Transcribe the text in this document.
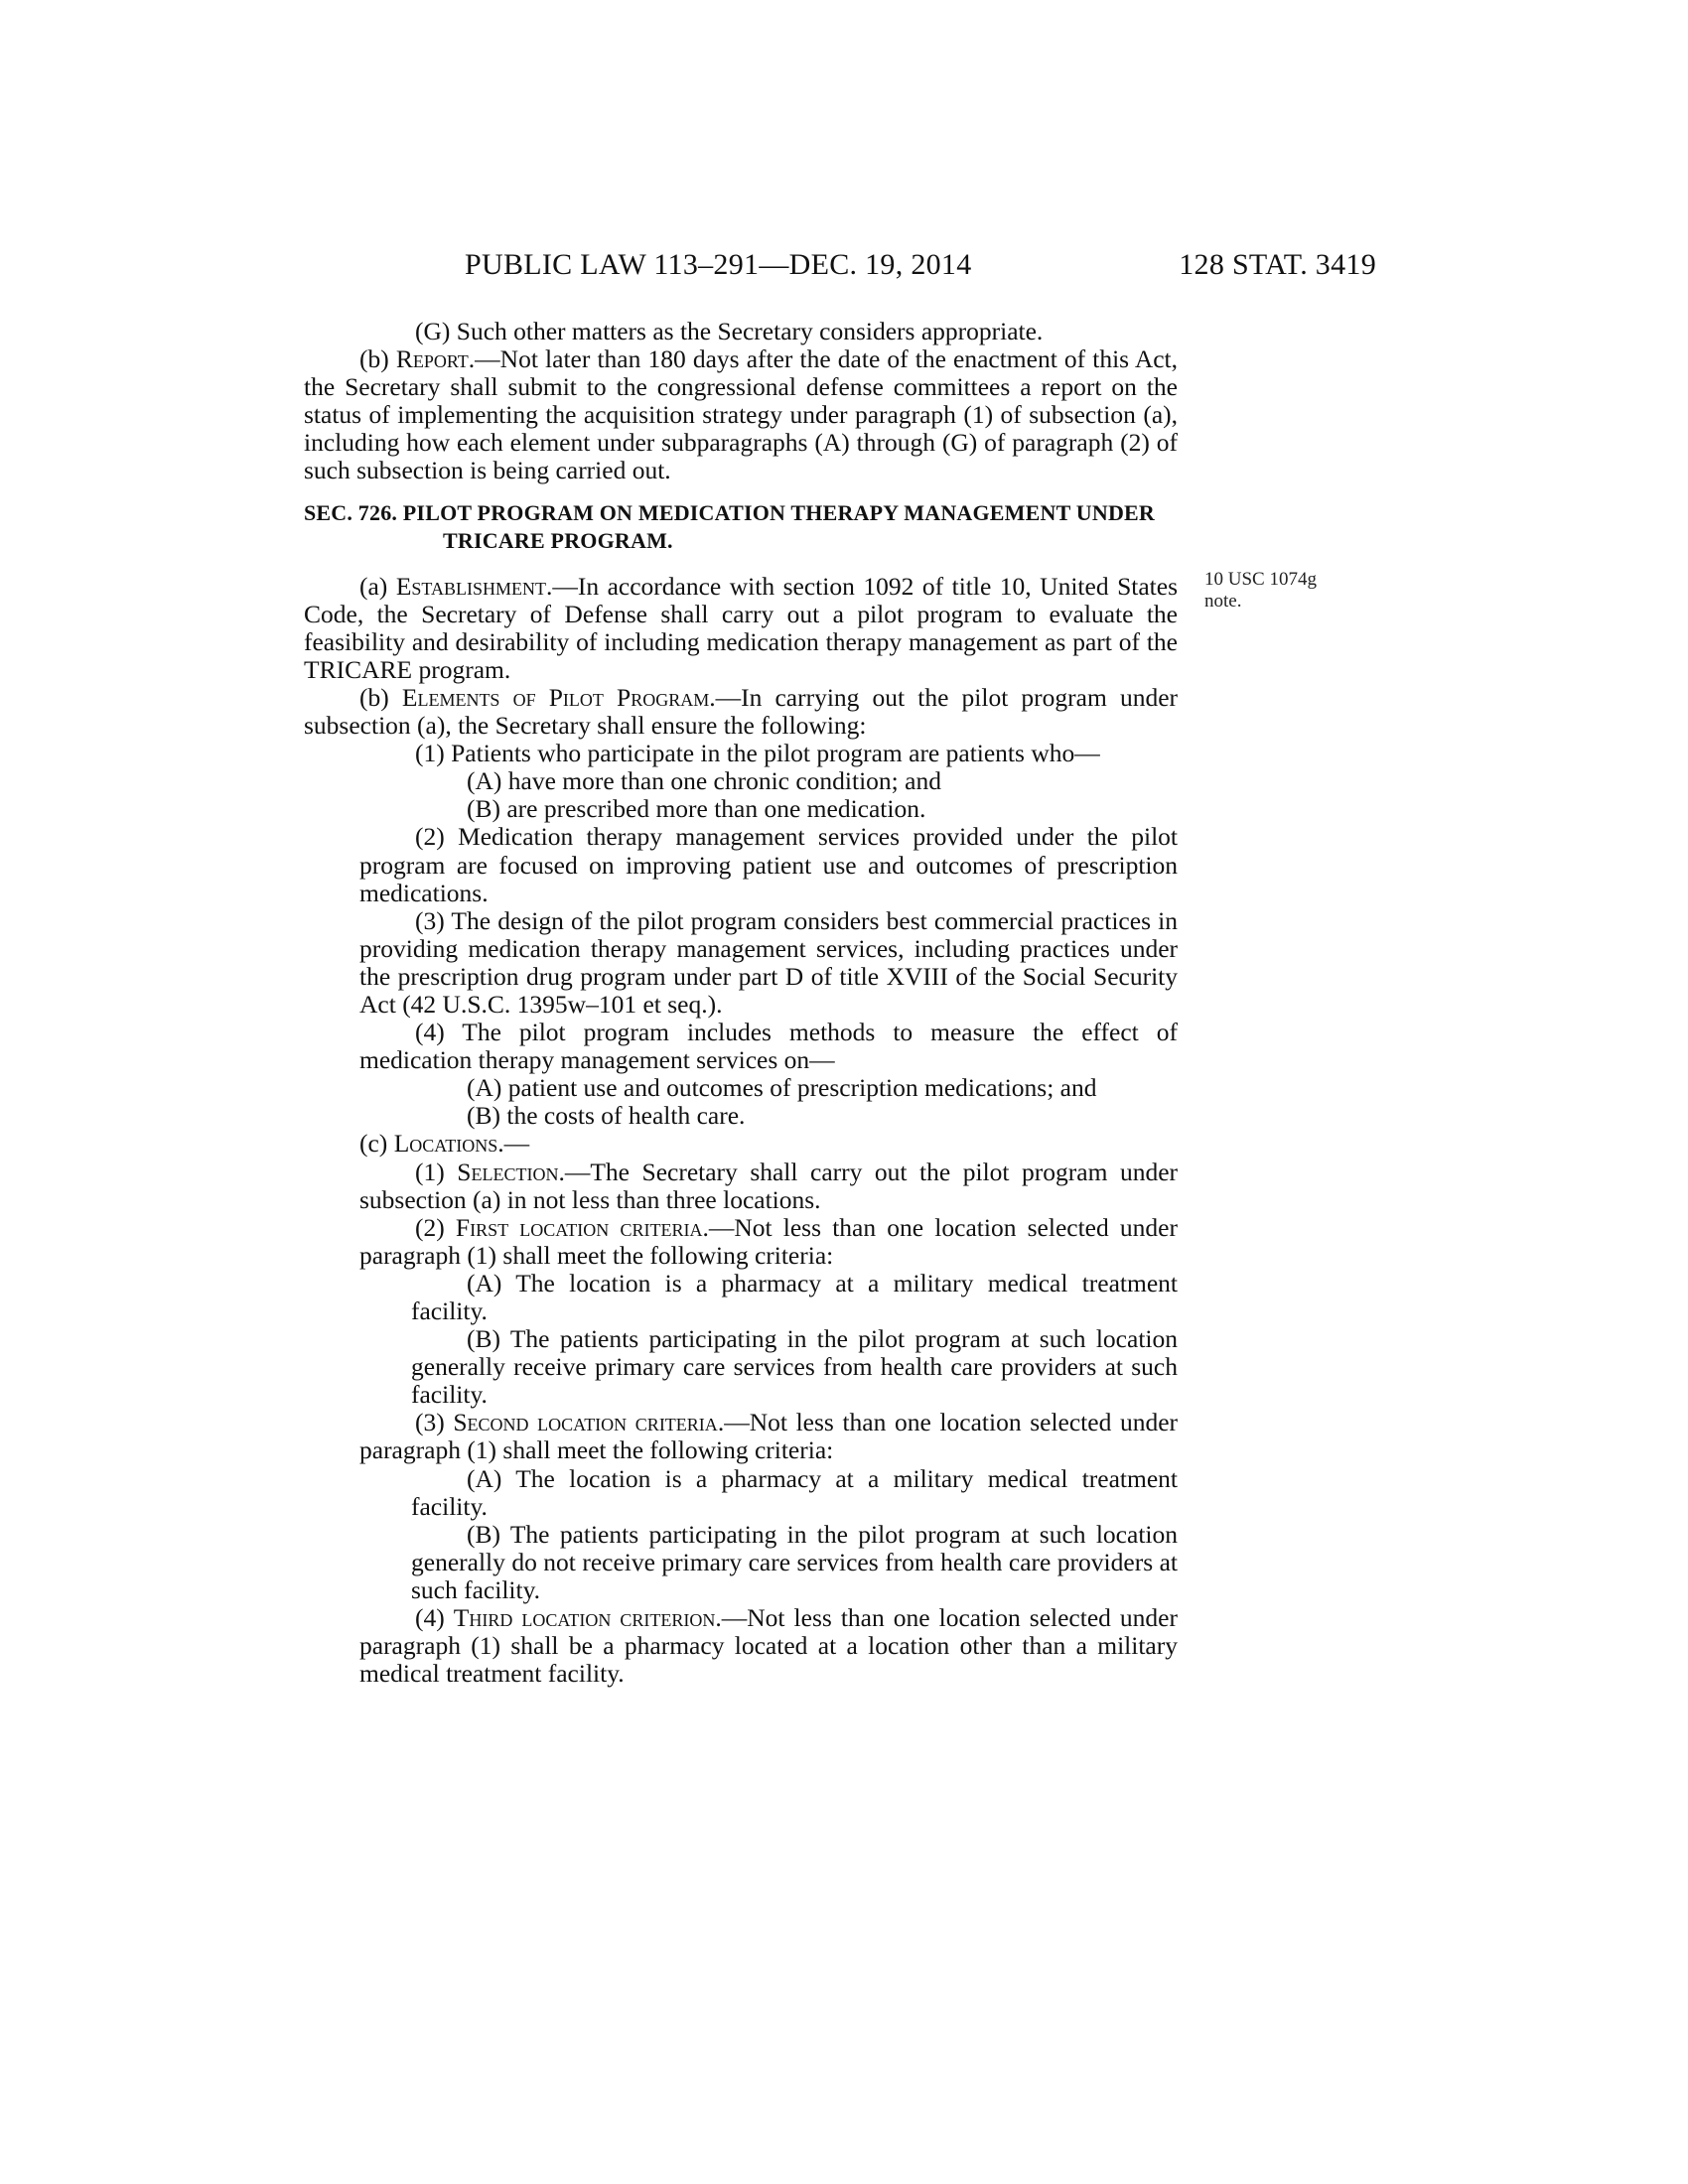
PUBLIC LAW 113–291—DEC. 19, 2014	128 STAT. 3419
10 USC 1074g
note.

(G) Such other matters as the Secretary considers appropriate.

(b) Report.—Not later than 180 days after the date of the enactment of this Act, the Secretary shall submit to the congressional defense committees a report on the status of implementing the acquisition strategy under paragraph (1) of subsection (a), including how each element under subparagraphs (A) through (G) of paragraph (2) of such subsection is being carried out.

SEC. 726. PILOT PROGRAM ON MEDICATION THERAPY MANAGEMENT UNDER TRICARE PROGRAM.

(a) Establishment.—In accordance with section 1092 of title 10, United States Code, the Secretary of Defense shall carry out a pilot program to evaluate the feasibility and desirability of including medication therapy management as part of the TRICARE program.

(b) Elements of Pilot Program.—In carrying out the pilot program under subsection (a), the Secretary shall ensure the following:

(1) Patients who participate in the pilot program are patients who—

(A) have more than one chronic condition; and

(B) are prescribed more than one medication.

(2) Medication therapy management services provided under the pilot program are focused on improving patient use and outcomes of prescription medications.

(3) The design of the pilot program considers best commercial practices in providing medication therapy management services, including practices under the prescription drug program under part D of title XVIII of the Social Security Act (42 U.S.C. 1395w–101 et seq.).

(4) The pilot program includes methods to measure the effect of medication therapy management services on—

(A) patient use and outcomes of prescription medications; and

(B) the costs of health care.

(c) Locations.—

(1) Selection.—The Secretary shall carry out the pilot program under subsection (a) in not less than three locations.

(2) First location criteria.—Not less than one location selected under paragraph (1) shall meet the following criteria:

(A) The location is a pharmacy at a military medical treatment facility.

(B) The patients participating in the pilot program at such location generally receive primary care services from health care providers at such facility.

(3) Second location criteria.—Not less than one location selected under paragraph (1) shall meet the following criteria:

(A) The location is a pharmacy at a military medical treatment facility.

(B) The patients participating in the pilot program at such location generally do not receive primary care services from health care providers at such facility.

(4) Third location criterion.—Not less than one location selected under paragraph (1) shall be a pharmacy located at a location other than a military medical treatment facility.
